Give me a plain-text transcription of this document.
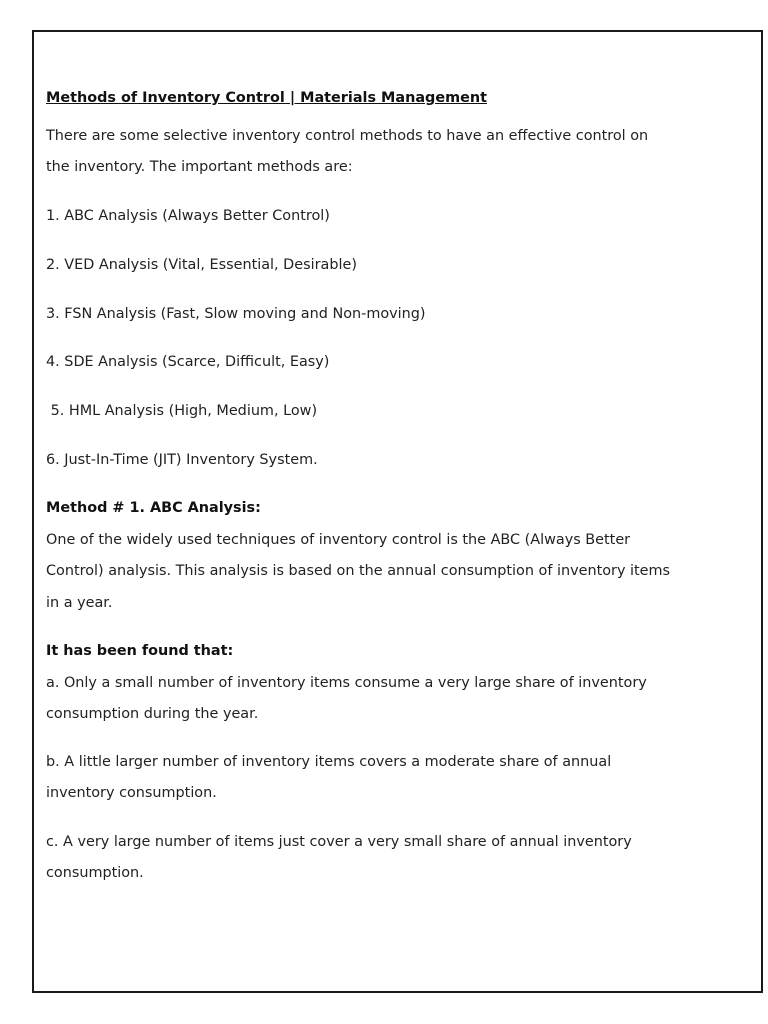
Methods of Inventory Control | Materials Management

There are some selective inventory control methods to have an effective control on

the inventory. The important methods are:

1. ABC Analysis (Always Better Control)

2. VED Analysis (Vital, Essential, Desirable)

3. FSN Analysis (Fast, Slow moving and Non-moving)

4. SDE Analysis (Scarce, Difficult, Easy)

5. HML Analysis (High, Medium, Low)

6. Just-In-Time (JIT) Inventory System.

Method # 1. ABC Analysis:

One of the widely used techniques of inventory control is the ABC (Always Better

Control) analysis. This analysis is based on the annual consumption of inventory items

in a year.

It has been found that:

a. Only a small number of inventory items consume a very large share of inventory

consumption during the year.

b. A little larger number of inventory items covers a moderate share of annual

inventory consumption.

c. A very large number of items just cover a very small share of annual inventory

consumption.
